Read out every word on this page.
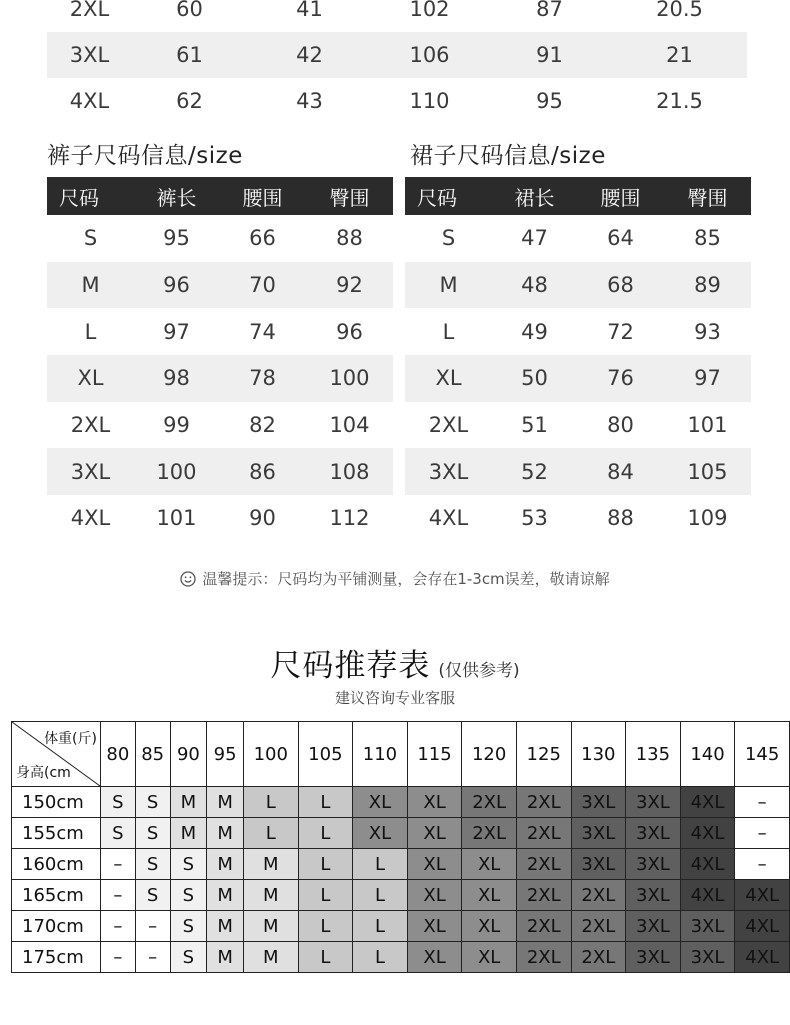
2XL	60	41	102	87	20.5
3XL	61	42	106	91	21
4XL	62	43	110	95	21.5
裤子尺码信息/size
尺码	裤长	腰围	臀围
S	95	66	88
M	96	70	92
L	97	74	96
XL	98	78	100
2XL	99	82	104
3XL	100	86	108
4XL	101	90	112
裙子尺码信息/size
尺码	裙长	腰围	臀围
S	47	64	85
M	48	68	89
L	49	72	93
XL	50	76	97
2XL	51	80	101
3XL	52	84	105
4XL	53	88	109
温馨提示：尺码均为平铺测量，会存在1-3cm误差，敬请谅解
尺码推荐表 (仅供参考)
建议咨询专业客服
体重(斤)
身高(cm	80	85	90	95	100	105	110	115	120	125	130	135	140	145
150cm	S	S	M	M	L	L	XL	XL	2XL	2XL	3XL	3XL	4XL	–
155cm	S	S	M	M	L	L	XL	XL	2XL	2XL	3XL	3XL	4XL	–
160cm	–	S	S	M	M	L	L	XL	XL	2XL	3XL	3XL	4XL	–
165cm	–	S	S	M	M	L	L	XL	XL	2XL	2XL	3XL	4XL	4XL
170cm	–	–	S	M	M	L	L	XL	XL	2XL	2XL	3XL	3XL	4XL
175cm	–	–	S	M	M	L	L	XL	XL	2XL	2XL	3XL	3XL	4XL
